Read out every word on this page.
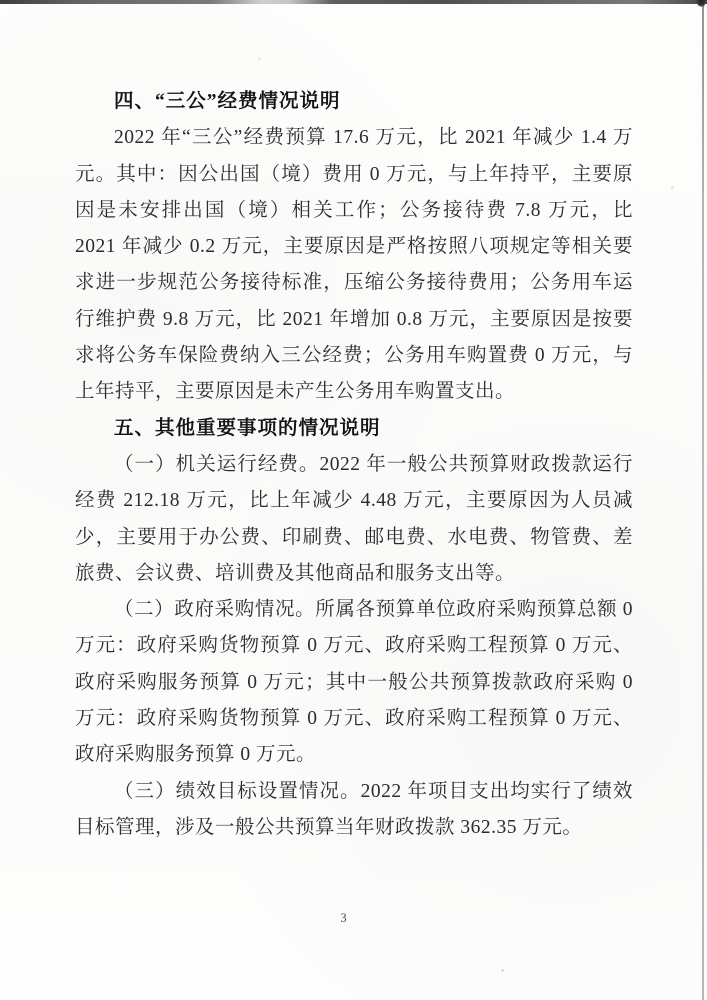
四、“三公”经费情况说明

2022 年“三公”经费预算 17.6 万元，比 2021 年减少 1.4 万元。其中：因公出国（境）费用 0 万元，与上年持平，主要原因是未安排出国（境）相关工作；公务接待费 7.8 万元，比 2021 年减少 0.2 万元，主要原因是严格按照八项规定等相关要求进一步规范公务接待标准，压缩公务接待费用；公务用车运行维护费 9.8 万元，比 2021 年增加 0.8 万元，主要原因是按要求将公务车保险费纳入三公经费；公务用车购置费 0 万元，与上年持平，主要原因是未产生公务用车购置支出。

五、其他重要事项的情况说明

（一）机关运行经费。2022 年一般公共预算财政拨款运行经费 212.18 万元，比上年减少 4.48 万元，主要原因为人员减少，主要用于办公费、印刷费、邮电费、水电费、物管费、差旅费、会议费、培训费及其他商品和服务支出等。

（二）政府采购情况。所属各预算单位政府采购预算总额 0 万元：政府采购货物预算 0 万元、政府采购工程预算 0 万元、政府采购服务预算 0 万元；其中一般公共预算拨款政府采购 0 万元：政府采购货物预算 0 万元、政府采购工程预算 0 万元、政府采购服务预算 0 万元。

（三）绩效目标设置情况。2022 年项目支出均实行了绩效目标管理，涉及一般公共预算当年财政拨款 362.35 万元。

3
